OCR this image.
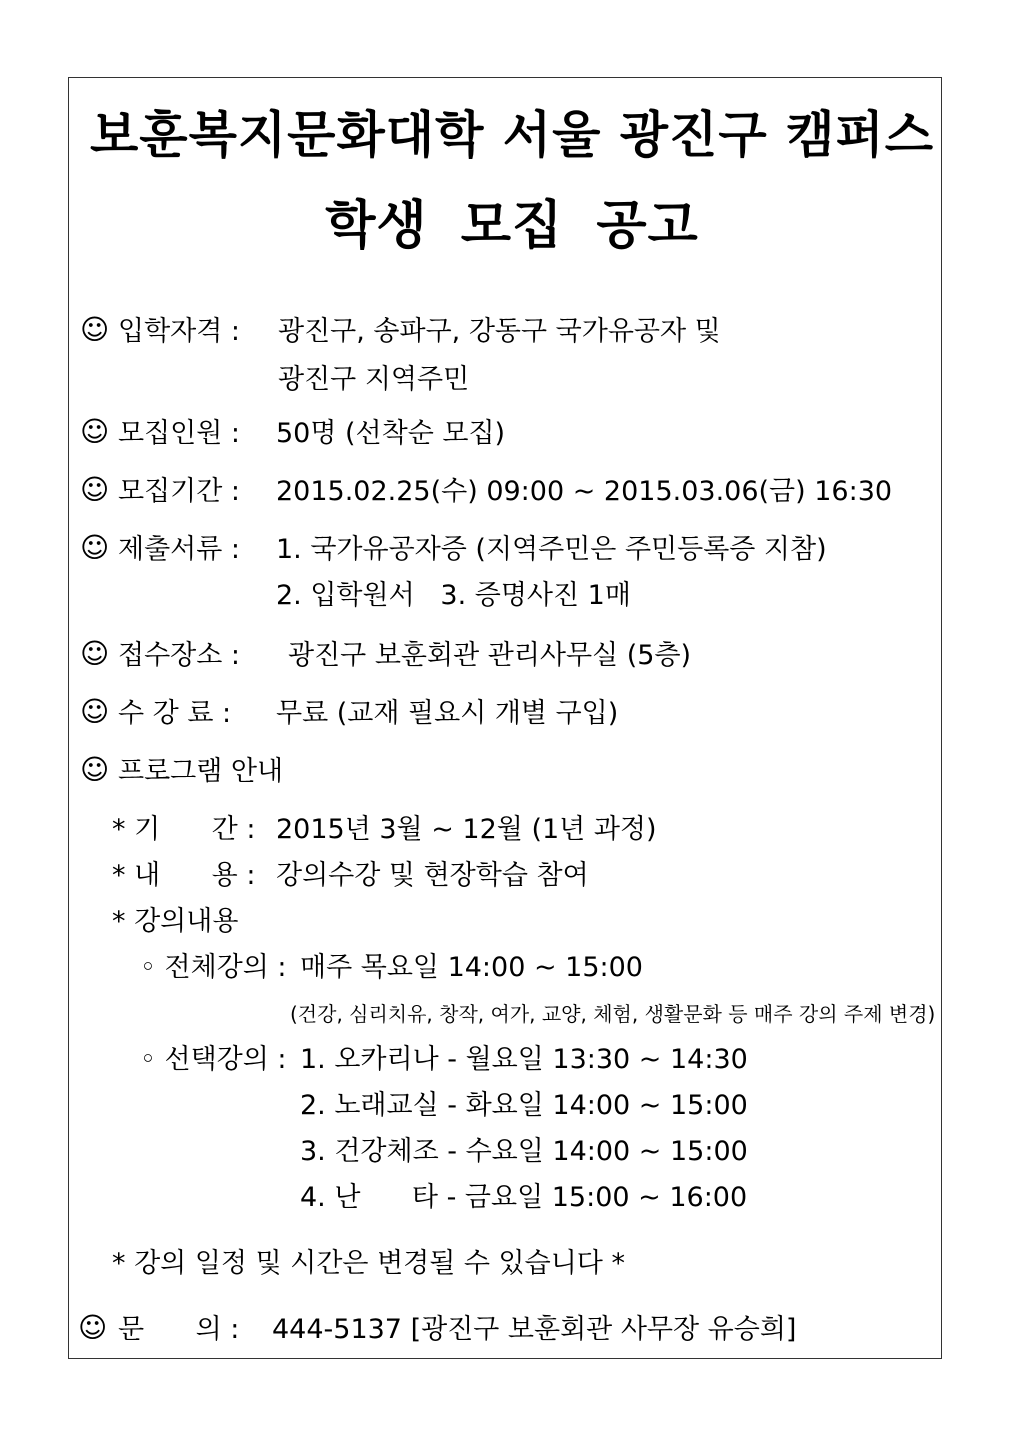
보훈복지문화대학 서울 광진구 캠퍼스
학생 모집 공고
☺ 입학자격 : 광진구, 송파구, 강동구 국가유공자 및
광진구 지역주민
☺ 모집인원 : 50명 (선착순 모집)
☺ 모집기간 : 2015.02.25(수) 09:00 ~ 2015.03.06(금) 16:30
☺ 제출서류 : 1. 국가유공자증 (지역주민은 주민등록증 지참)
2. 입학원서   3. 증명사진 1매
☺ 접수장소 : 광진구 보훈회관 관리사무실 (5층)
☺ 수 강 료 : 무료 (교재 필요시 개별 구입)
☺ 프로그램 안내
* 기      간 : 2015년 3월 ~ 12월 (1년 과정)
* 내      용 : 강의수강 및 현장학습 참여
* 강의내용
◦ 전체강의 : 매주 목요일 14:00 ~ 15:00
(건강, 심리치유, 창작, 여가, 교양, 체험, 생활문화 등 매주 강의 주제 변경)
◦ 선택강의 : 1. 오카리나 - 월요일 13:30 ~ 14:30
2. 노래교실 - 화요일 14:00 ~ 15:00
3. 건강체조 - 수요일 14:00 ~ 15:00
4. 난      타 - 금요일 15:00 ~ 16:00
* 강의 일정 및 시간은 변경될 수 있습니다 *
☺ 문      의 : 444-5137 [광진구 보훈회관 사무장 유승희]
